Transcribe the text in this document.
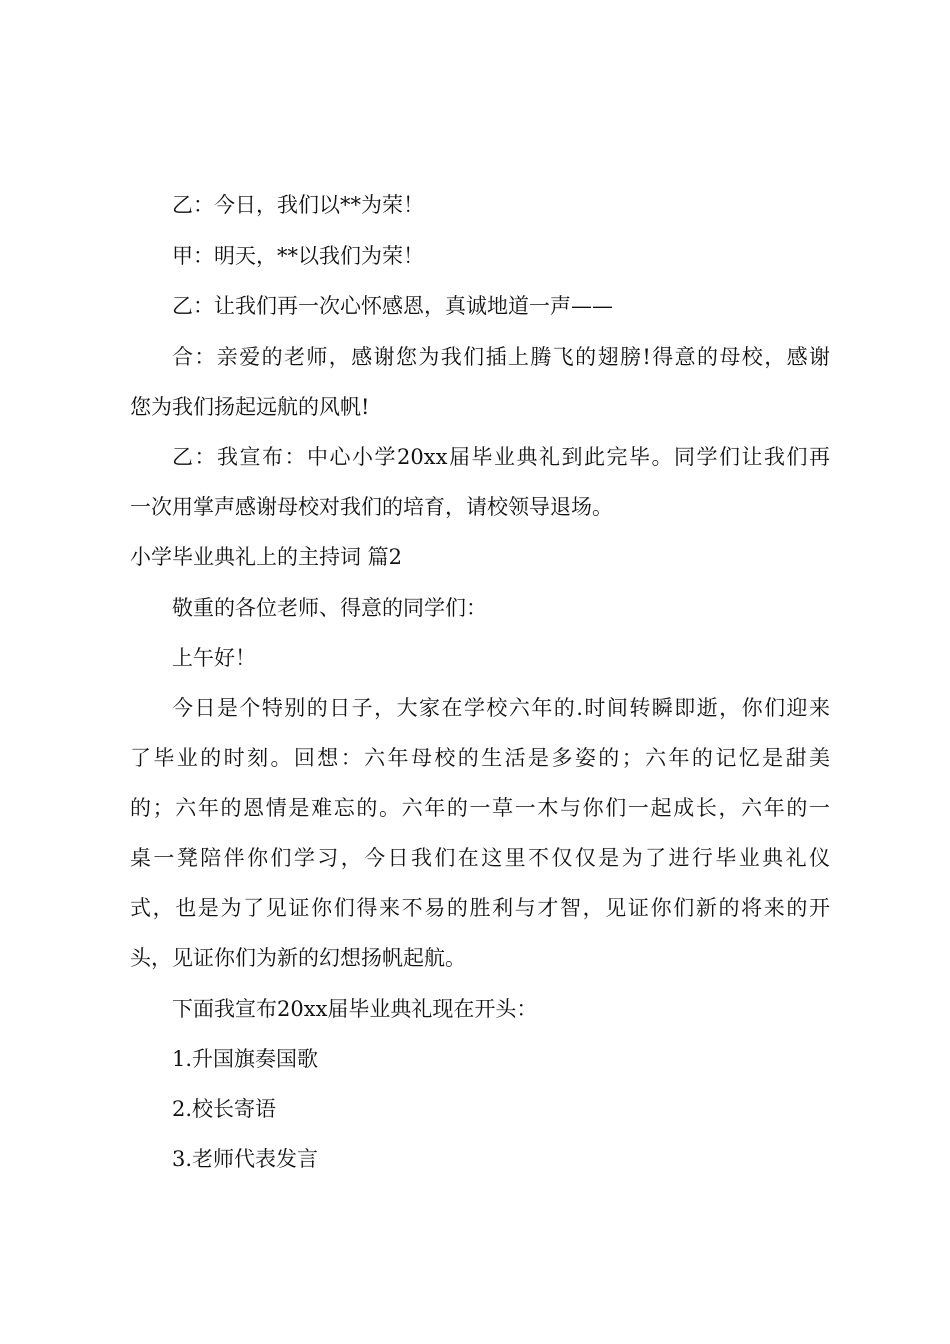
乙：今日，我们以**为荣！
甲：明天，**以我们为荣！
乙：让我们再一次心怀感恩，真诚地道一声——
合：亲爱的老师，感谢您为我们插上腾飞的翅膀!得意的母校，感谢
您为我们扬起远航的风帆!
乙：我宣布：中心小学20xx届毕业典礼到此完毕。同学们让我们再
一次用掌声感谢母校对我们的培育，请校领导退场。
小学毕业典礼上的主持词 篇2
敬重的各位老师、得意的同学们：
上午好！
今日是个特别的日子，大家在学校六年的.时间转瞬即逝，你们迎来
了毕业的时刻。回想：六年母校的生活是多姿的；六年的记忆是甜美
的；六年的恩情是难忘的。六年的一草一木与你们一起成长，六年的一
桌一凳陪伴你们学习，今日我们在这里不仅仅是为了进行毕业典礼仪
式，也是为了见证你们得来不易的胜利与才智，见证你们新的将来的开
头，见证你们为新的幻想扬帆起航。
下面我宣布20xx届毕业典礼现在开头：
1.升国旗奏国歌
2.校长寄语
3.老师代表发言
